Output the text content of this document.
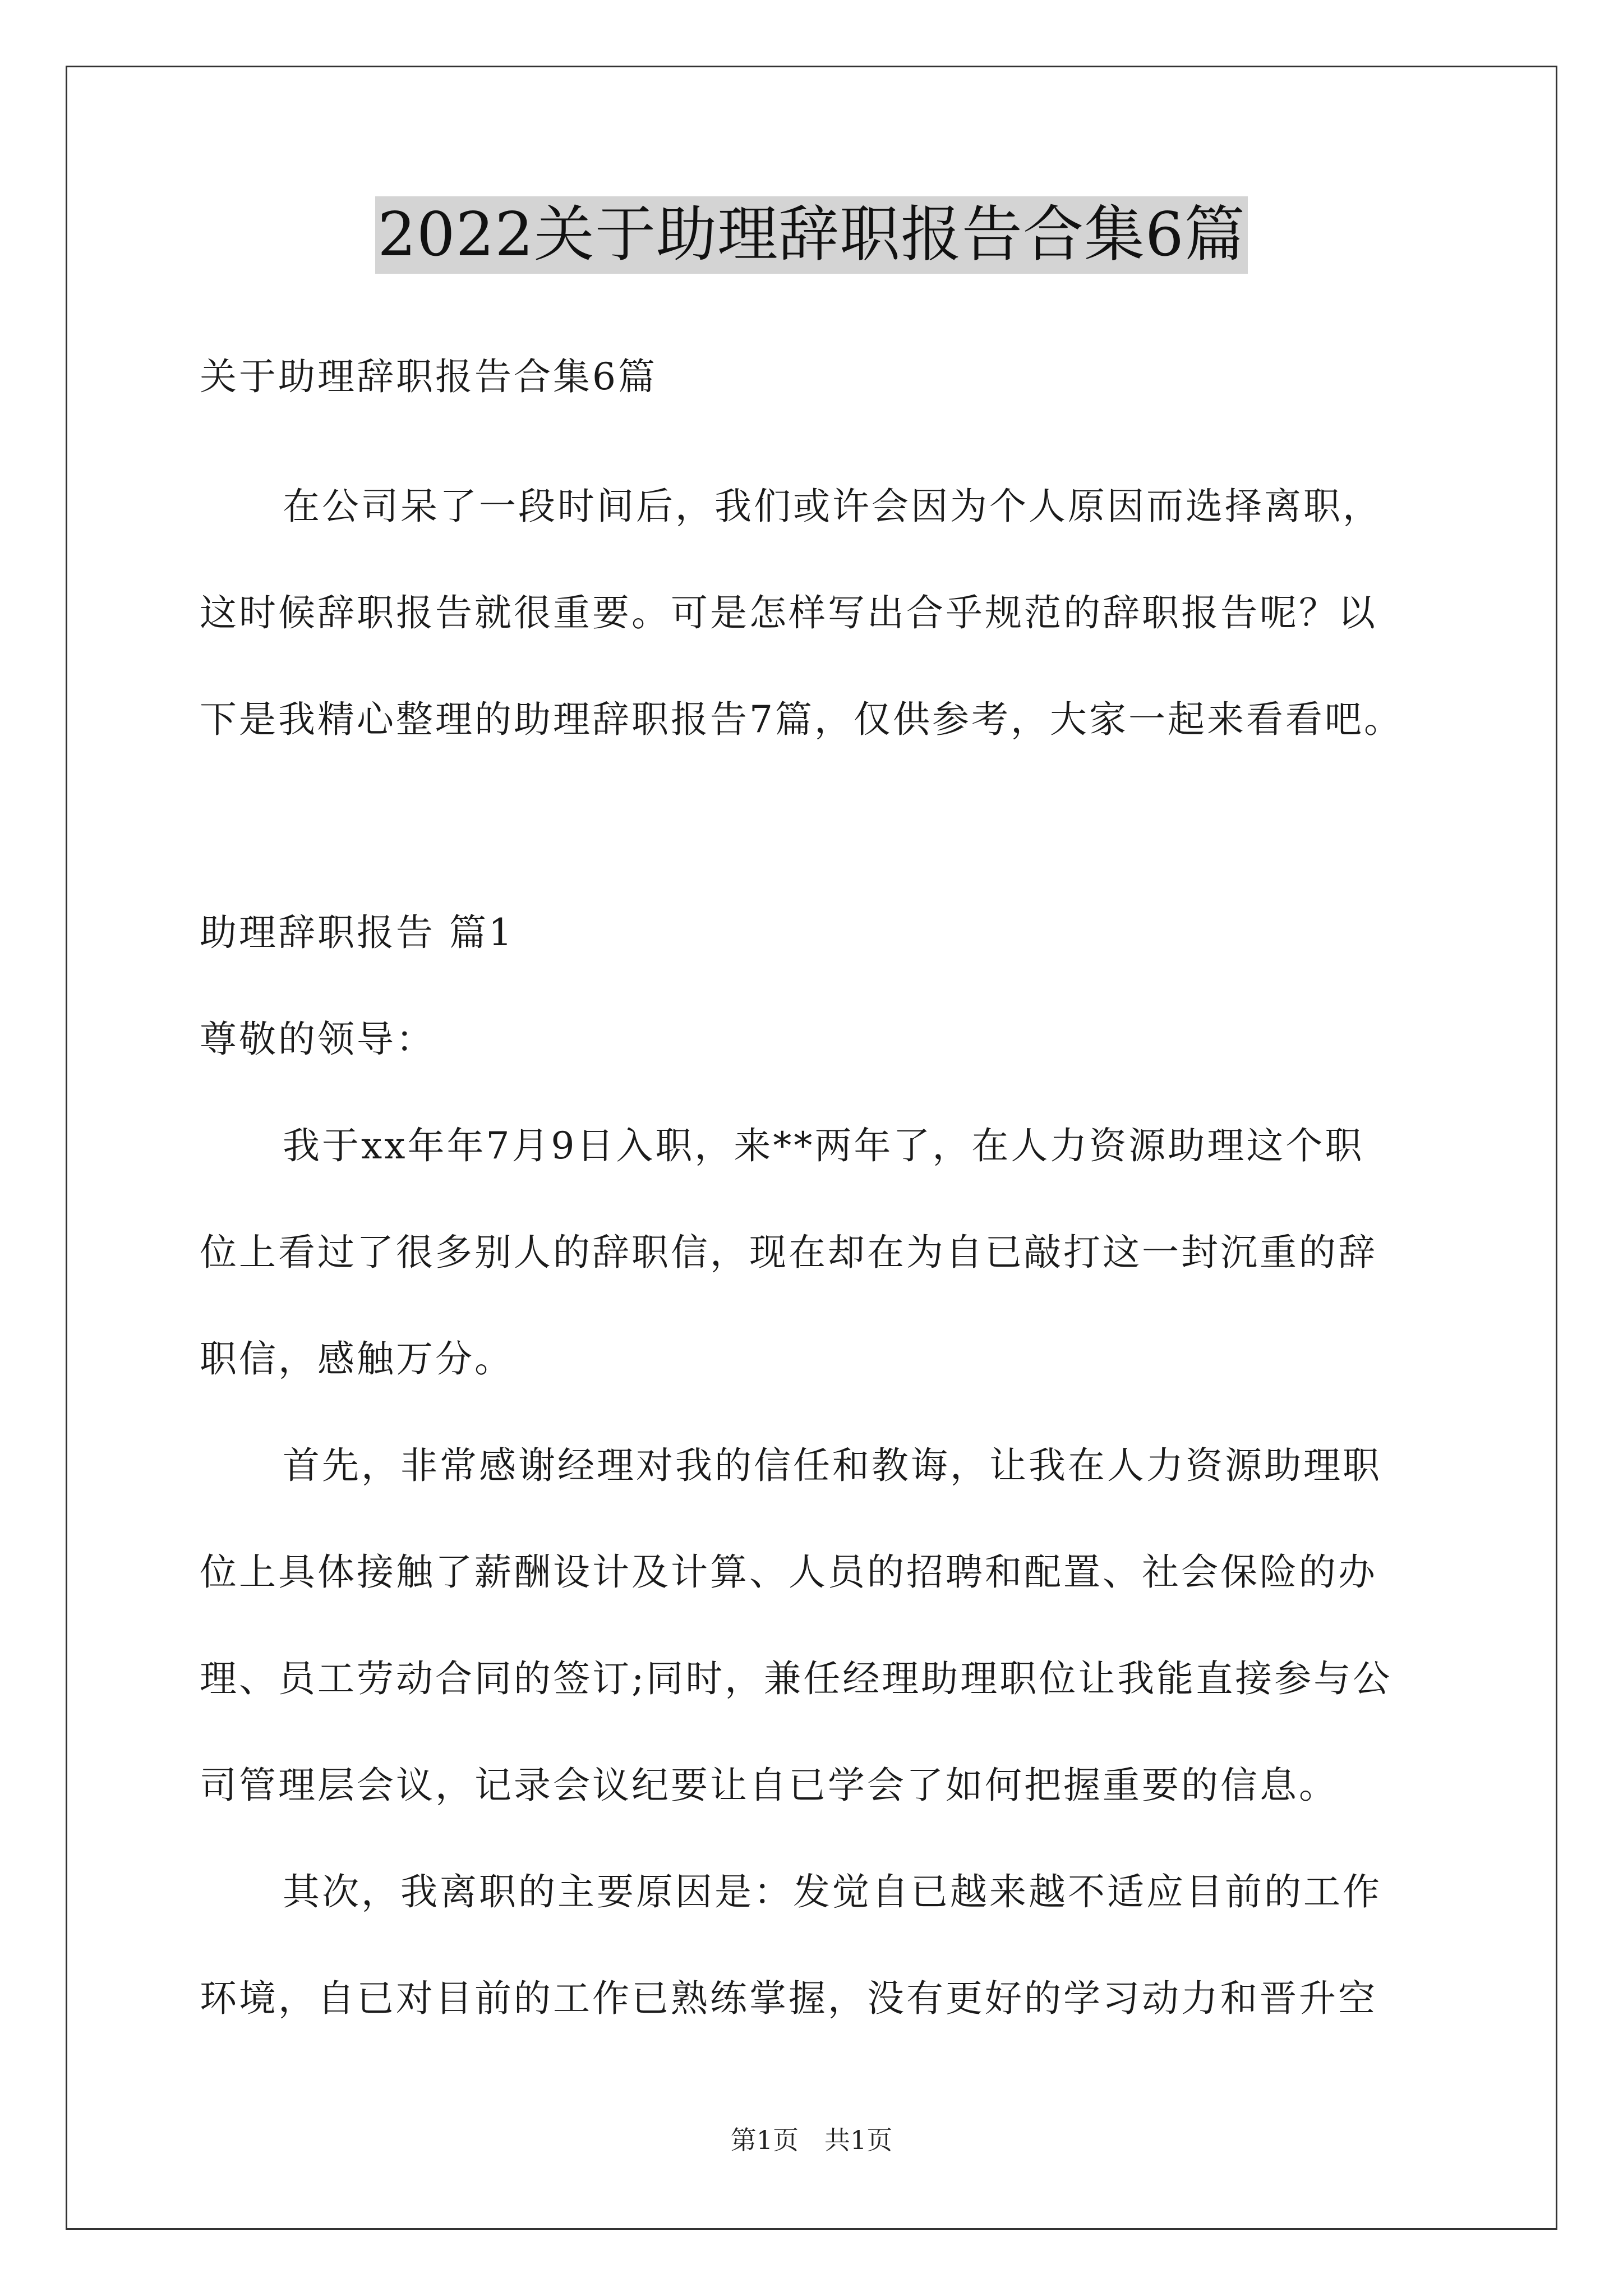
2022关于助理辞职报告合集6篇
关于助理辞职报告合集6篇

在公司呆了一段时间后，我们或许会因为个人原因而选择离职，
这时候辞职报告就很重要。可是怎样写出合乎规范的辞职报告呢？以
下是我精心整理的助理辞职报告7篇，仅供参考，大家一起来看看吧。

助理辞职报告 篇1

尊敬的领导：

我于xx年年7月9日入职，来**两年了，在人力资源助理这个职
位上看过了很多别人的辞职信，现在却在为自已敲打这一封沉重的辞
职信，感触万分。

首先，非常感谢经理对我的信任和教诲，让我在人力资源助理职
位上具体接触了薪酬设计及计算、人员的招聘和配置、社会保险的办
理、员工劳动合同的签订;同时，兼任经理助理职位让我能直接参与公
司管理层会议，记录会议纪要让自已学会了如何把握重要的信息。

其次，我离职的主要原因是：发觉自已越来越不适应目前的工作
环境，自已对目前的工作已熟练掌握，没有更好的学习动力和晋升空

第1页 共1页
